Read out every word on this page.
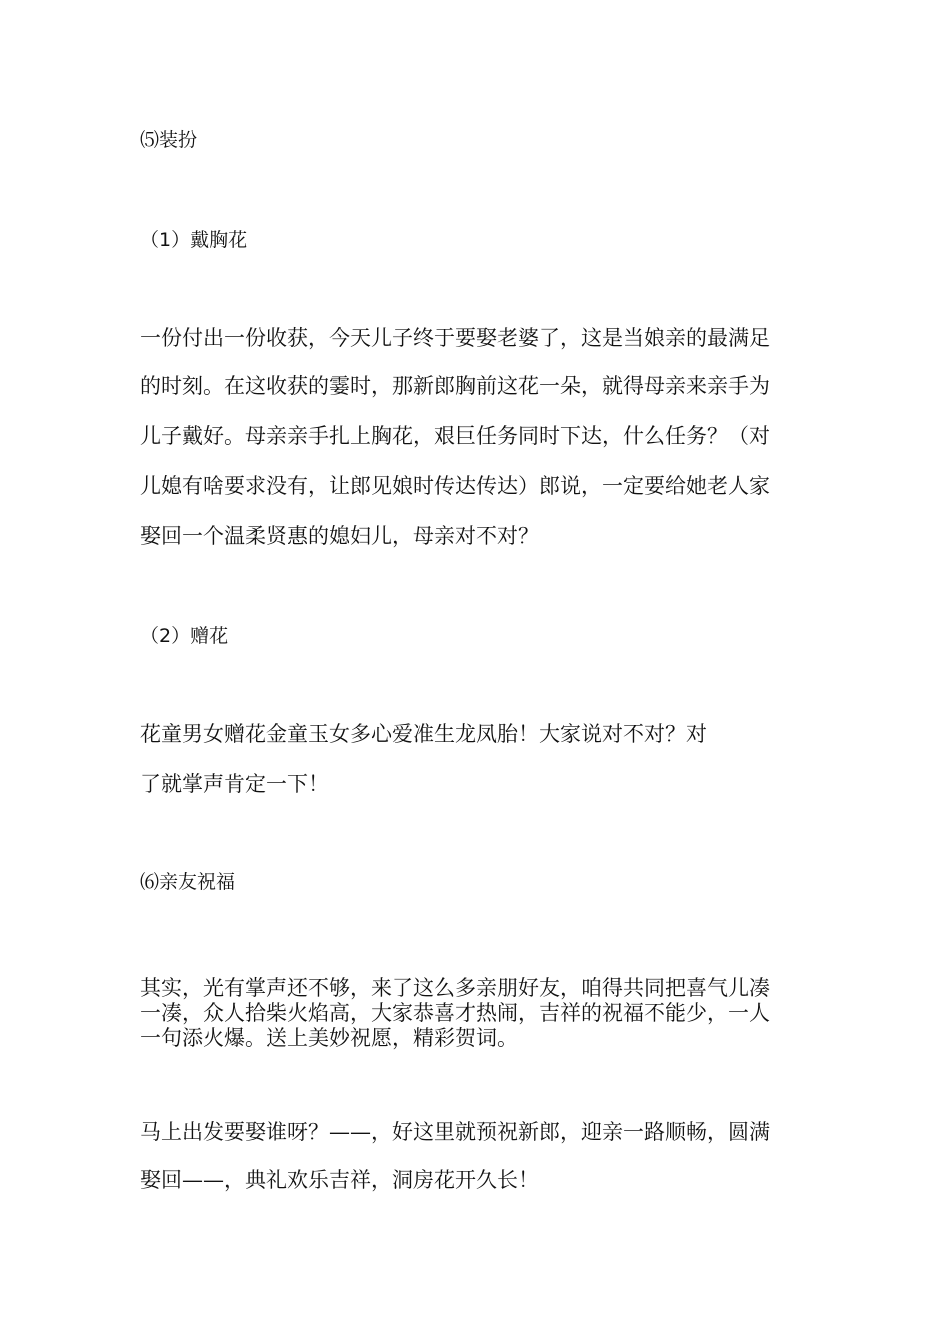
⑸装扮
（1）戴胸花
一份付出一份收获，今天儿子终于要娶老婆了，这是当娘亲的最满足
的时刻。在这收获的霎时，那新郎胸前这花一朵，就得母亲来亲手为
儿子戴好。母亲亲手扎上胸花，艰巨任务同时下达，什么任务？（对
儿媳有啥要求没有，让郎见娘时传达传达）郎说，一定要给她老人家
娶回一个温柔贤惠的媳妇儿，母亲对不对？
（2）赠花
花童男女赠花金童玉女多心爱准生龙凤胎！大家说对不对？对
了就掌声肯定一下！
⑹亲友祝福
其实，光有掌声还不够，来了这么多亲朋好友，咱得共同把喜气儿凑
一凑，众人拾柴火焰高，大家恭喜才热闹，吉祥的祝福不能少，一人
一句添火爆。送上美妙祝愿，精彩贺词。
马上出发要娶谁呀？——，好这里就预祝新郎，迎亲一路顺畅，圆满
娶回——，典礼欢乐吉祥，洞房花开久长！
